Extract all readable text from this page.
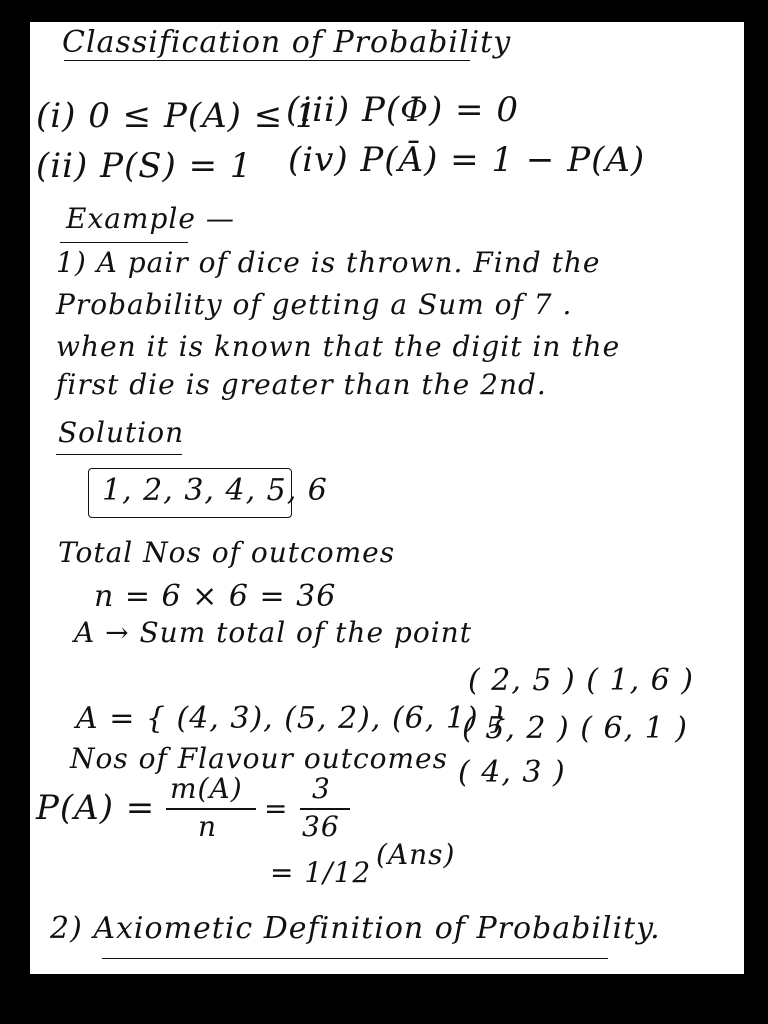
Classification of Probability

(i) 0 ≤ P(A) ≤ 1

(iii) P(Φ) = 0

(ii) P(S) = 1 (iv) P(Ā) = 1 − P(A)

Example —

1) A pair of dice is thrown. Find the

Probability of getting a Sum of 7 .

when it is known that the digit in the

first die is greater than the 2nd.

Solution

1, 2, 3, 4, 5, 6

Total Nos of outcomes

n = 6 × 6 = 36

A → Sum total of the point

( 2, 5 ) ( 1, 6 )

( 5, 2 ) ( 6, 1 )

( 4, 3 )

A = { (4, 3), (5, 2), (6, 1) }

Nos of Flavour outcomes

P(A) = m(A)

n

=

3

36

= 1/12

(Ans)

2) Axiometic Definition of Probability.
